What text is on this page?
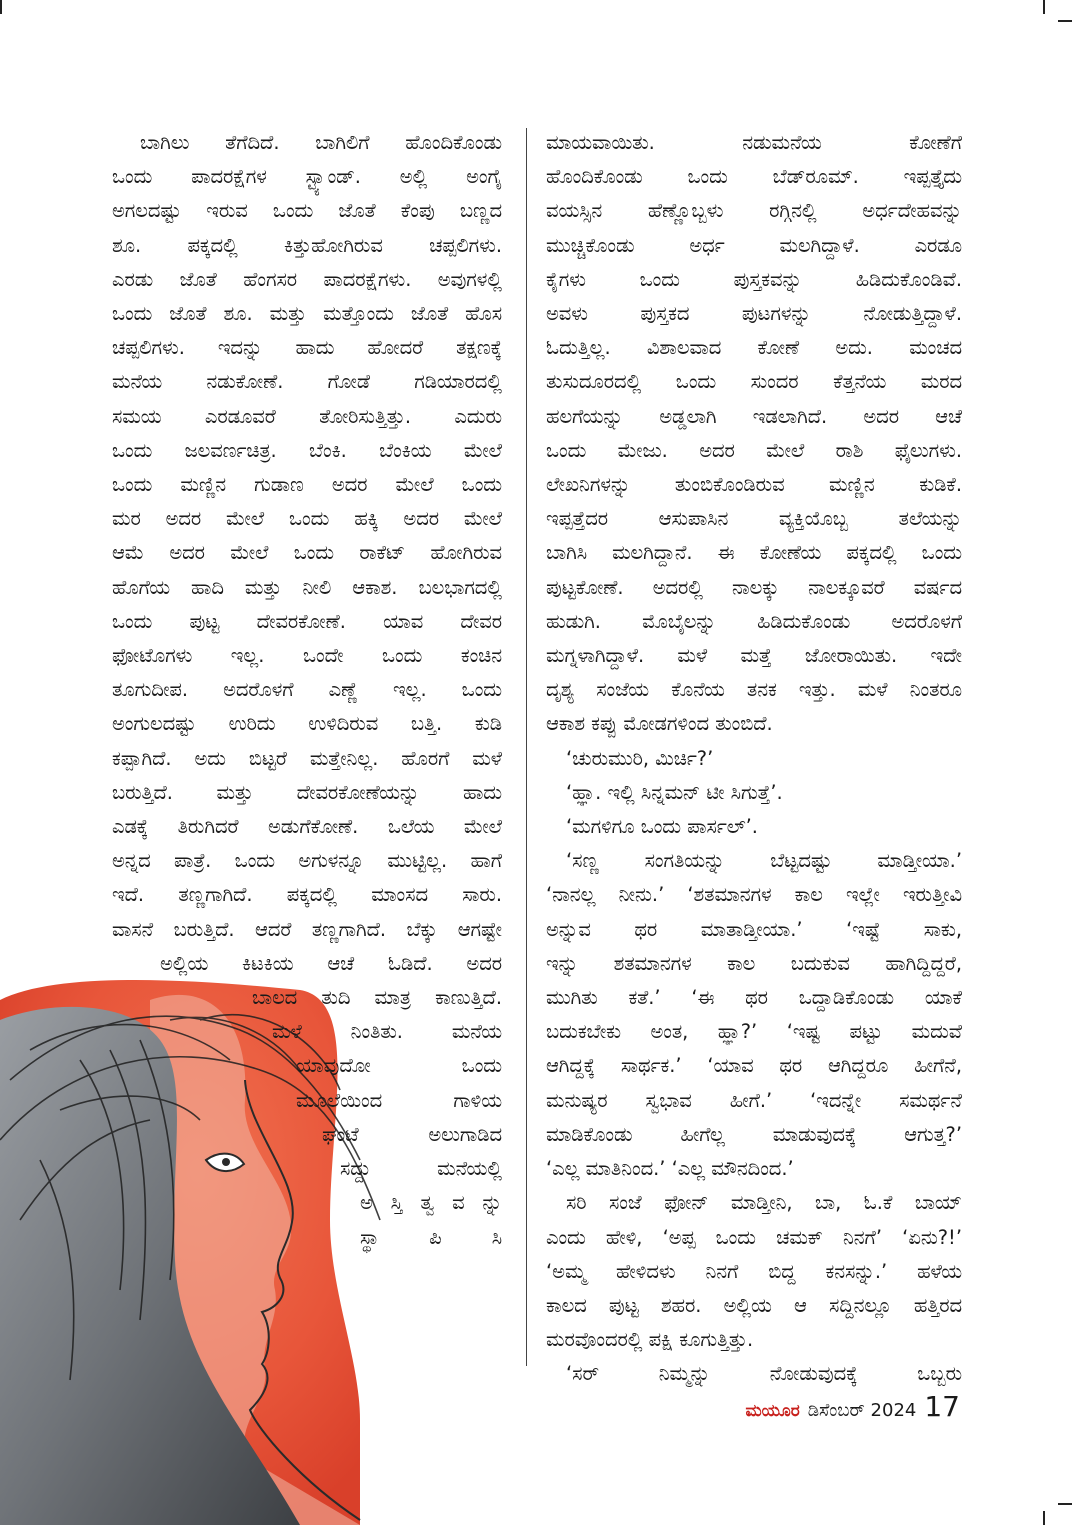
ಬಾಗಿಲು ತೆಗೆದಿದೆ. ಬಾಗಿಲಿಗೆ ಹೊಂದಿಕೊಂಡು
ಒಂದು ಪಾದರಕ್ಷೆಗಳ ಸ್ಟ್ಯಾಂಡ್. ಅಲ್ಲಿ ಅಂಗೈ
ಅಗಲದಷ್ಟು ಇರುವ ಒಂದು ಜೊತೆ ಕೆಂಪು ಬಣ್ಣದ
ಶೂ. ಪಕ್ಕದಲ್ಲಿ ಕಿತ್ತುಹೋಗಿರುವ ಚಪ್ಪಲಿಗಳು.
ಎರಡು ಜೊತೆ ಹೆಂಗಸರ ಪಾದರಕ್ಷೆಗಳು. ಅವುಗಳಲ್ಲಿ
ಒಂದು ಜೊತೆ ಶೂ. ಮತ್ತು ಮತ್ತೊಂದು ಜೊತೆ ಹೊಸ
ಚಪ್ಪಲಿಗಳು. ಇದನ್ನು ಹಾದು ಹೋದರೆ ತಕ್ಷಣಕ್ಕೆ
ಮನೆಯ ನಡುಕೋಣೆ. ಗೋಡೆ ಗಡಿಯಾರದಲ್ಲಿ
ಸಮಯ ಎರಡೂವರೆ ತೋರಿಸುತ್ತಿತ್ತು. ಎದುರು
ಒಂದು ಜಲವರ್ಣಚಿತ್ರ. ಬೆಂಕಿ. ಬೆಂಕಿಯ ಮೇಲೆ
ಒಂದು ಮಣ್ಣಿನ ಗುಡಾಣ ಅದರ ಮೇಲೆ ಒಂದು
ಮರ ಅದರ ಮೇಲೆ ಒಂದು ಹಕ್ಕಿ ಅದರ ಮೇಲೆ
ಆಮೆ ಅದರ ಮೇಲೆ ಒಂದು ರಾಕೆಟ್ ಹೋಗಿರುವ
ಹೊಗೆಯ ಹಾದಿ ಮತ್ತು ನೀಲಿ ಆಕಾಶ. ಬಲಭಾಗದಲ್ಲಿ
ಒಂದು ಪುಟ್ಟ ದೇವರಕೋಣೆ. ಯಾವ ದೇವರ
ಫೋಟೊಗಳು ಇಲ್ಲ. ಒಂದೇ ಒಂದು ಕಂಚಿನ
ತೂಗುದೀಪ. ಅದರೊಳಗೆ ಎಣ್ಣೆ ಇಲ್ಲ. ಒಂದು
ಅಂಗುಲದಷ್ಟು ಉರಿದು ಉಳಿದಿರುವ ಬತ್ತಿ. ಕುಡಿ
ಕಪ್ಪಾಗಿದೆ. ಅದು ಬಿಟ್ಟರೆ ಮತ್ತೇನಿಲ್ಲ. ಹೊರಗೆ ಮಳೆ
ಬರುತ್ತಿದೆ. ಮತ್ತು ದೇವರಕೋಣೆಯನ್ನು ಹಾದು
ಎಡಕ್ಕೆ ತಿರುಗಿದರೆ ಅಡುಗೆಕೋಣೆ. ಒಲೆಯ ಮೇಲೆ
ಅನ್ನದ ಪಾತ್ರೆ. ಒಂದು ಅಗುಳನ್ನೂ ಮುಟ್ಟಿಲ್ಲ. ಹಾಗೆ
ಇದೆ. ತಣ್ಣಗಾಗಿದೆ. ಪಕ್ಕದಲ್ಲಿ ಮಾಂಸದ ಸಾರು.
ವಾಸನೆ ಬರುತ್ತಿದೆ. ಆದರೆ ತಣ್ಣಗಾಗಿದೆ. ಬೆಕ್ಕು ಆಗಷ್ಟೇ

ಅಲ್ಲಿಯ ಕಿಟಕಿಯ ಆಚೆ ಓಡಿದೆ. ಅದರ
ಬಾಲದ ತುದಿ ಮಾತ್ರ ಕಾಣುತ್ತಿದೆ.
ಮಳೆ ನಿಂತಿತು. ಮನೆಯ
ಯಾವುದೋ ಒಂದು
ಮೂಲೆಯಿಂದ ಗಾಳಿಯ
ಘಂಟೆ ಅಲುಗಾಡಿದ
ಸದ್ದು ಮನೆಯಲ್ಲಿ
ಅ ಸ್ತಿ ತ್ವ ವ ನ್ನು
ಸ್ಥಾ ಪಿ ಸಿ

ಮಾಯವಾಯಿತು. ನಡುಮನೆಯ ಕೋಣೆಗೆ
ಹೊಂದಿಕೊಂಡು ಒಂದು ಬೆಡ್‌ರೂಮ್. ಇಪ್ಪತ್ತೈದು
ವಯಸ್ಸಿನ ಹೆಣ್ಣೊಬ್ಬಳು ರಗ್ಗಿನಲ್ಲಿ ಅರ್ಧದೇಹವನ್ನು
ಮುಚ್ಚಿಕೊಂಡು ಅರ್ಧ ಮಲಗಿದ್ದಾಳೆ. ಎರಡೂ
ಕೈಗಳು ಒಂದು ಪುಸ್ತಕವನ್ನು ಹಿಡಿದುಕೊಂಡಿವೆ.
ಅವಳು ಪುಸ್ತಕದ ಪುಟಗಳನ್ನು ನೋಡುತ್ತಿದ್ದಾಳೆ.
ಓದುತ್ತಿಲ್ಲ. ವಿಶಾಲವಾದ ಕೋಣೆ ಅದು. ಮಂಚದ
ತುಸುದೂರದಲ್ಲಿ ಒಂದು ಸುಂದರ ಕೆತ್ತನೆಯ ಮರದ
ಹಲಗೆಯನ್ನು ಅಡ್ಡಲಾಗಿ ಇಡಲಾಗಿದೆ. ಅದರ ಆಚೆ
ಒಂದು ಮೇಜು. ಅದರ ಮೇಲೆ ರಾಶಿ ಫೈಲುಗಳು.
ಲೇಖನಿಗಳನ್ನು ತುಂಬಿಕೊಂಡಿರುವ ಮಣ್ಣಿನ ಕುಡಿಕೆ.
ಇಪ್ಪತ್ತೆದರ ಆಸುಪಾಸಿನ ವ್ಯಕ್ತಿಯೊಬ್ಬ ತಲೆಯನ್ನು
ಬಾಗಿಸಿ ಮಲಗಿದ್ದಾನೆ. ಈ ಕೋಣೆಯ ಪಕ್ಕದಲ್ಲಿ ಒಂದು
ಪುಟ್ಟಕೋಣೆ. ಅದರಲ್ಲಿ ನಾಲಕ್ಕು ನಾಲಕ್ಕೂವರೆ ವರ್ಷದ
ಹುಡುಗಿ. ಮೊಬೈಲನ್ನು ಹಿಡಿದುಕೊಂಡು ಅದರೊಳಗೆ
ಮಗ್ನಳಾಗಿದ್ದಾಳೆ. ಮಳೆ ಮತ್ತೆ ಜೋರಾಯಿತು. ಇದೇ
ದೃಶ್ಯ ಸಂಜೆಯ ಕೊನೆಯ ತನಕ ಇತ್ತು. ಮಳೆ ನಿಂತರೂ
ಆಕಾಶ ಕಪ್ಪು ಮೋಡಗಳಿಂದ ತುಂಬಿದೆ.

‘ಚುರುಮುರಿ, ಮಿರ್ಚಿ?’
‘ಹ್ಞಾ. ಇಲ್ಲಿ ಸಿನ್ನಮನ್ ಟೀ ಸಿಗುತ್ತೆ’.
‘ಮಗಳಿಗೂ ಒಂದು ಪಾರ್ಸಲ್’.

‘ಸಣ್ಣ ಸಂಗತಿಯನ್ನು ಬೆಟ್ಟದಷ್ಟು ಮಾಡ್ತೀಯಾ.’
‘ನಾನಲ್ಲ ನೀನು.’ ‘ಶತಮಾನಗಳ ಕಾಲ ಇಲ್ಲೇ ಇರುತ್ತೀವಿ
ಅನ್ನುವ ಥರ ಮಾತಾಡ್ತೀಯಾ.’ ‘ಇಷ್ಟೆ ಸಾಕು,
ಇನ್ನು ಶತಮಾನಗಳ ಕಾಲ ಬದುಕುವ ಹಾಗಿದ್ದಿದ್ದರೆ,
ಮುಗಿತು ಕತೆ.’ ‘ಈ ಥರ ಒದ್ದಾಡಿಕೊಂಡು ಯಾಕೆ
ಬದುಕಬೇಕು ಅಂತ, ಹ್ಞಾ?’ ‘ಇಷ್ಟ ಪಟ್ಟು ಮದುವೆ
ಆಗಿದ್ದಕ್ಕೆ ಸಾರ್ಥಕ.’ ‘ಯಾವ ಥರ ಆಗಿದ್ದರೂ ಹೀಗೆನೆ,
ಮನುಷ್ಯರ ಸ್ವಭಾವ ಹೀಗೆ.’ ‘ಇದನ್ನೇ ಸಮರ್ಥನೆ
ಮಾಡಿಕೊಂಡು ಹೀಗೆಲ್ಲ ಮಾಡುವುದಕ್ಕೆ ಆಗುತ್ತ?’
‘ಎಲ್ಲ ಮಾತಿನಿಂದ.’ ‘ಎಲ್ಲ ಮೌನದಿಂದ.’

ಸರಿ ಸಂಜೆ ಫೋನ್ ಮಾಡ್ತೀನಿ, ಬಾ, ಓ.ಕೆ ಬಾಯ್
ಎಂದು ಹೇಳಿ, ‘ಅಪ್ಪ ಒಂದು ಚಮಕ್ ನಿನಗೆ’ ‘ಏನು?!’
‘ಅಮ್ಮ ಹೇಳಿದಳು ನಿನಗೆ ಬಿದ್ದ ಕನಸನ್ನು.’ ಹಳೆಯ
ಕಾಲದ ಪುಟ್ಟ ಶಹರ. ಅಲ್ಲಿಯ ಆ ಸದ್ದಿನಲ್ಲೂ ಹತ್ತಿರದ
ಮರವೊಂದರಲ್ಲಿ ಪಕ್ಷಿ ಕೂಗುತ್ತಿತ್ತು.

‘ಸರ್ ನಿಮ್ಮನ್ನು ನೋಡುವುದಕ್ಕೆ ಒಬ್ಬರು

ಮಯೂರ ಡಿಸೆಂಬರ್ 2024 17
